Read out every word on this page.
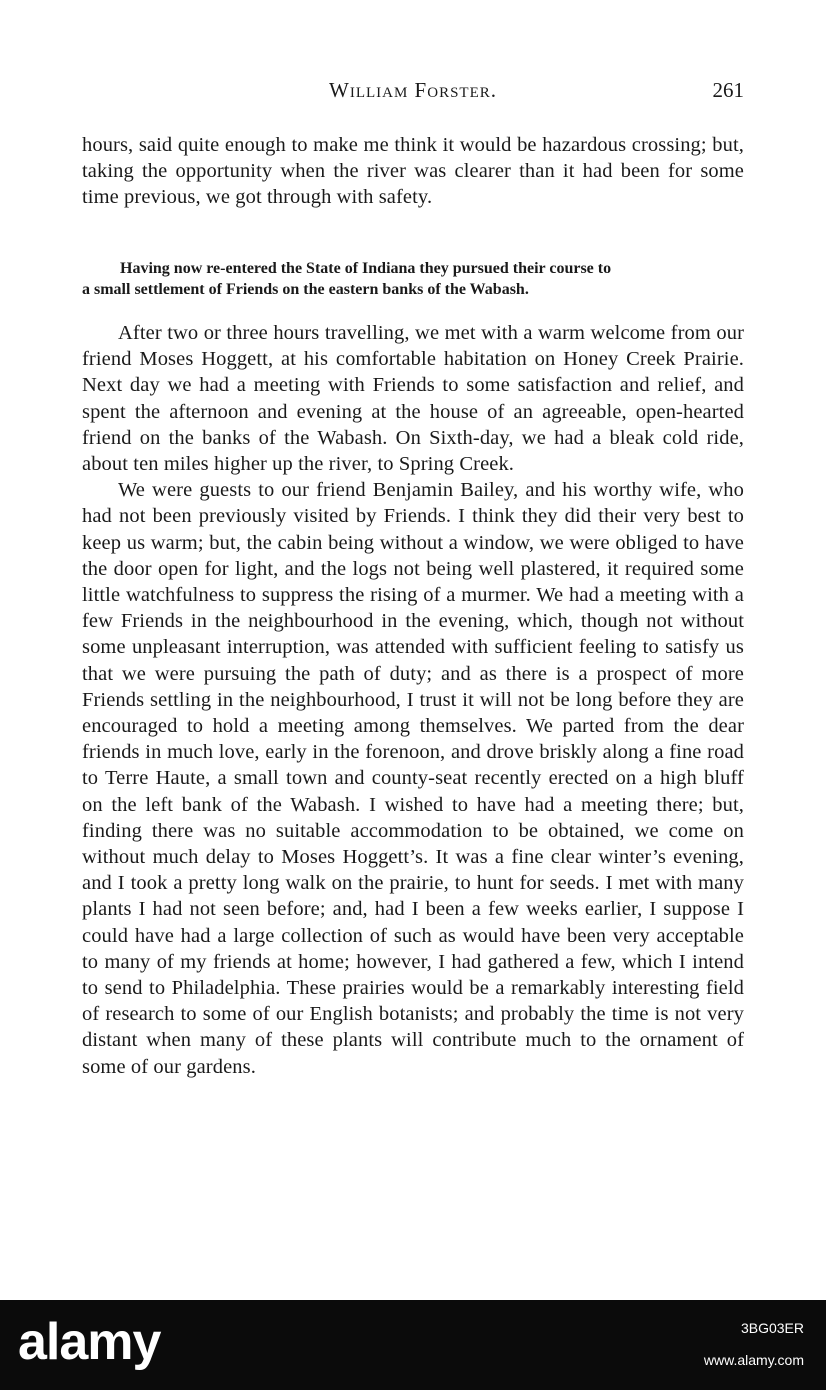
William Forster.	261
hours, said quite enough to make me think it would be hazardous crossing; but, taking the opportunity when the river was clearer than it had been for some time previous, we got through with safety.
Having now re-entered the State of Indiana they pursued their course to
a small settlement of Friends on the eastern banks of the Wabash.

After two or three hours travelling, we met with a warm welcome from our friend Moses Hoggett, at his comfortable habitation on Honey Creek Prairie. Next day we had a meeting with Friends to some satisfaction and relief, and spent the afternoon and evening at the house of an agreeable, open-hearted friend on the banks of the Wabash. On Sixth-day, we had a bleak cold ride, about ten miles higher up the river, to Spring Creek.

We were guests to our friend Benjamin Bailey, and his worthy wife, who had not been previously visited by Friends. I think they did their very best to keep us warm; but, the cabin being without a window, we were obliged to have the door open for light, and the logs not being well plastered, it required some little watchfulness to suppress the rising of a murmer. We had a meeting with a few Friends in the neighbourhood in the evening, which, though not without some unpleasant interruption, was attended with sufficient feeling to satisfy us that we were pursuing the path of duty; and as there is a prospect of more Friends settling in the neighbourhood, I trust it will not be long before they are encouraged to hold a meeting among themselves. We parted from the dear friends in much love, early in the forenoon, and drove briskly along a fine road to Terre Haute, a small town and county-seat recently erected on a high bluff on the left bank of the Wabash. I wished to have had a meeting there; but, finding there was no suitable accommodation to be obtained, we come on without much delay to Moses Hoggett’s. It was a fine clear winter’s evening, and I took a pretty long walk on the prairie, to hunt for seeds. I met with many plants I had not seen before; and, had I been a few weeks earlier, I suppose I could have had a large collection of such as would have been very acceptable to many of my friends at home; however, I had gathered a few, which I intend to send to Philadelphia. These prairies would be a remarkably interesting field of research to some of our English botanists; and probably the time is not very distant when many of these plants will contribute much to the ornament of some of our gardens.

alamy	3BG03ER
www.alamy.com
